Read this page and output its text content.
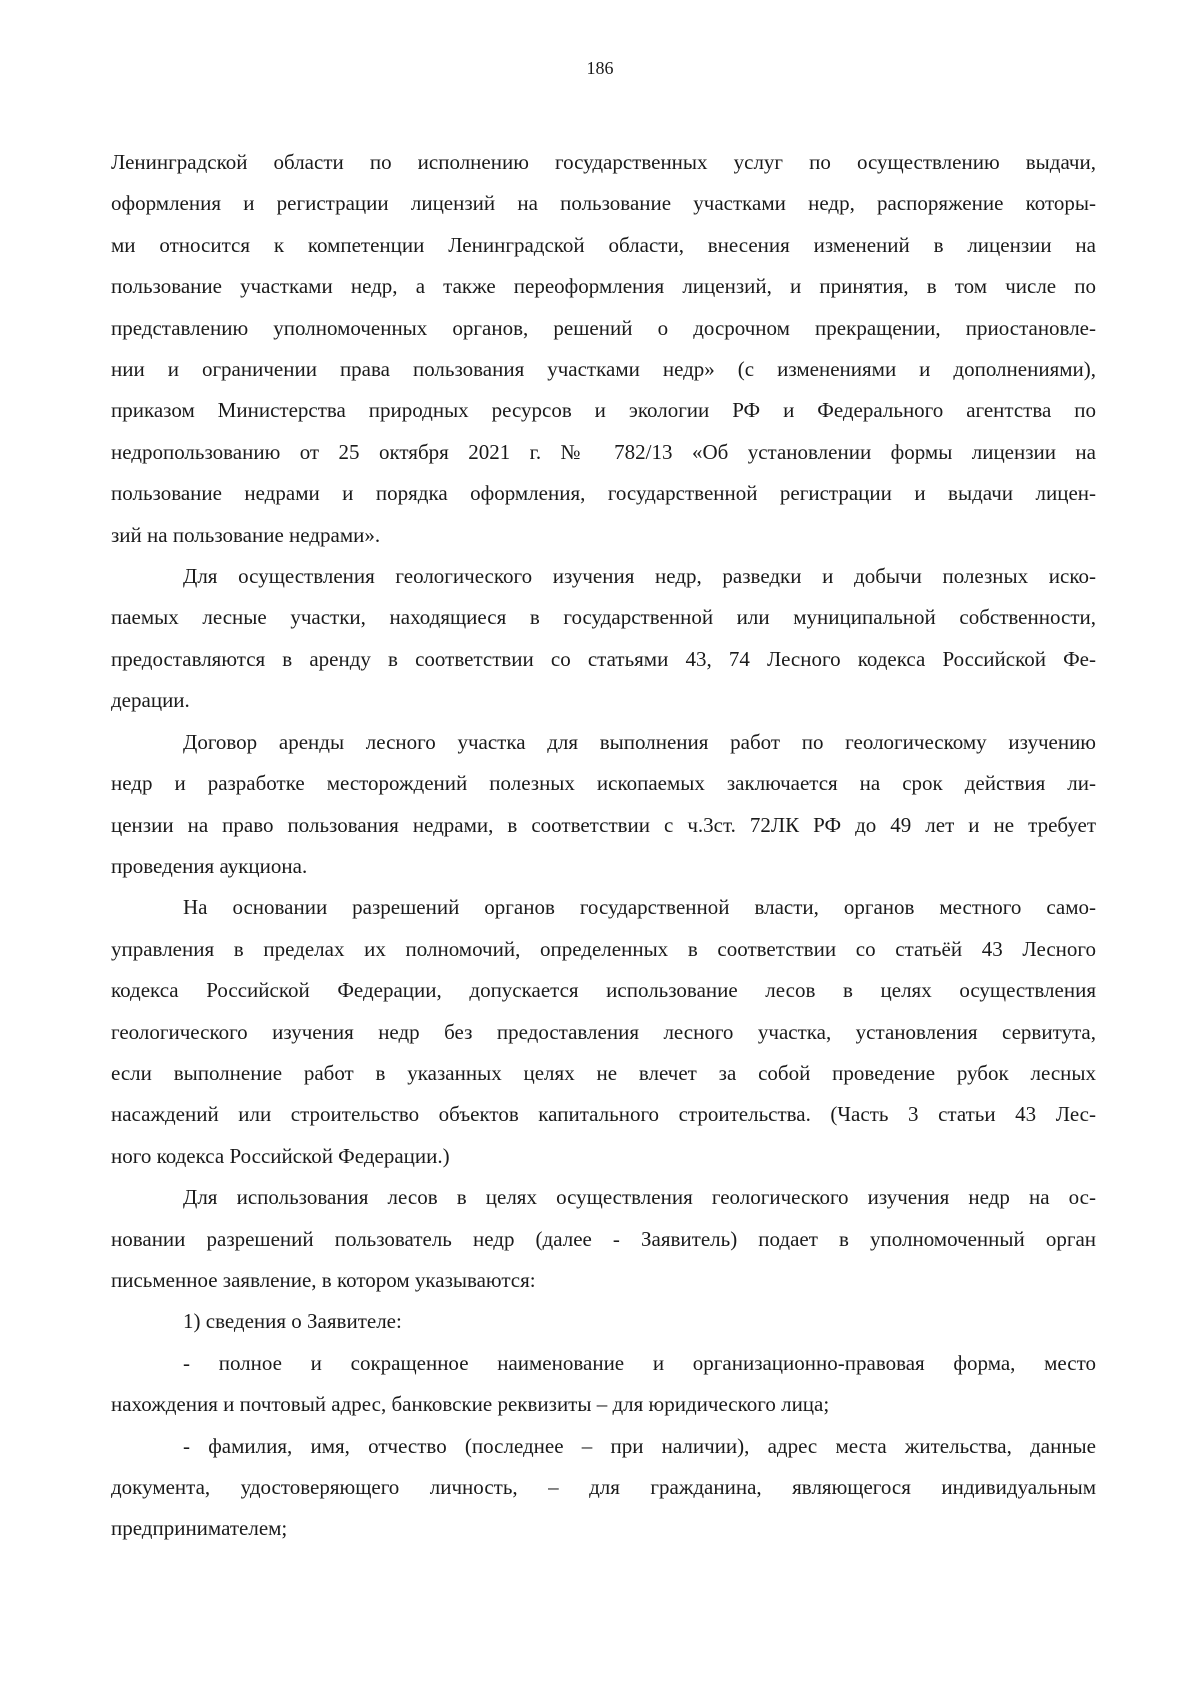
186

Ленинградской области по исполнению государственных услуг по осуществлению выдачи,
оформления и регистрации лицензий на пользование участками недр, распоряжение которы-
ми относится к компетенции Ленинградской области, внесения изменений в лицензии на
пользование участками недр, а также переоформления лицензий, и принятия, в том числе по
представлению уполномоченных органов, решений о досрочном прекращении, приостановле-
нии и ограничении права пользования участками недр» (с изменениями и дополнениями),
приказом Министерства природных ресурсов и экологии РФ и Федерального агентства по
недропользованию от 25 октября 2021 г. № 782/13 «Об установлении формы лицензии на
пользование недрами и порядка оформления, государственной регистрации и выдачи лицен-
зий на пользование недрами».

Для осуществления геологического изучения недр, разведки и добычи полезных иско-
паемых лесные участки, находящиеся в государственной или муниципальной собственности,
предоставляются в аренду в соответствии со статьями 43, 74 Лесного кодекса Российской Фе-
дерации.

Договор аренды лесного участка для выполнения работ по геологическому изучению
недр и разработке месторождений полезных ископаемых заключается на срок действия ли-
цензии на право пользования недрами, в соответствии с ч.3ст. 72ЛК РФ до 49 лет и не требует
проведения аукциона.

На основании разрешений органов государственной власти, органов местного само-
управления в пределах их полномочий, определенных в соответствии со статьёй 43 Лесного
кодекса Российской Федерации, допускается использование лесов в целях осуществления
геологического изучения недр без предоставления лесного участка, установления сервитута,
если выполнение работ в указанных целях не влечет за собой проведение рубок лесных
насаждений или строительство объектов капитального строительства. (Часть 3 статьи 43 Лес-
ного кодекса Российской Федерации.)

Для использования лесов в целях осуществления геологического изучения недр на ос-
новании разрешений пользователь недр (далее - Заявитель) подает в уполномоченный орган
письменное заявление, в котором указываются:

1) сведения о Заявителе:

- полное и сокращенное наименование и организационно-правовая форма, место
нахождения и почтовый адрес, банковские реквизиты – для юридического лица;

- фамилия, имя, отчество (последнее – при наличии), адрес места жительства, данные
документа, удостоверяющего личность, – для гражданина, являющегося индивидуальным
предпринимателем;
